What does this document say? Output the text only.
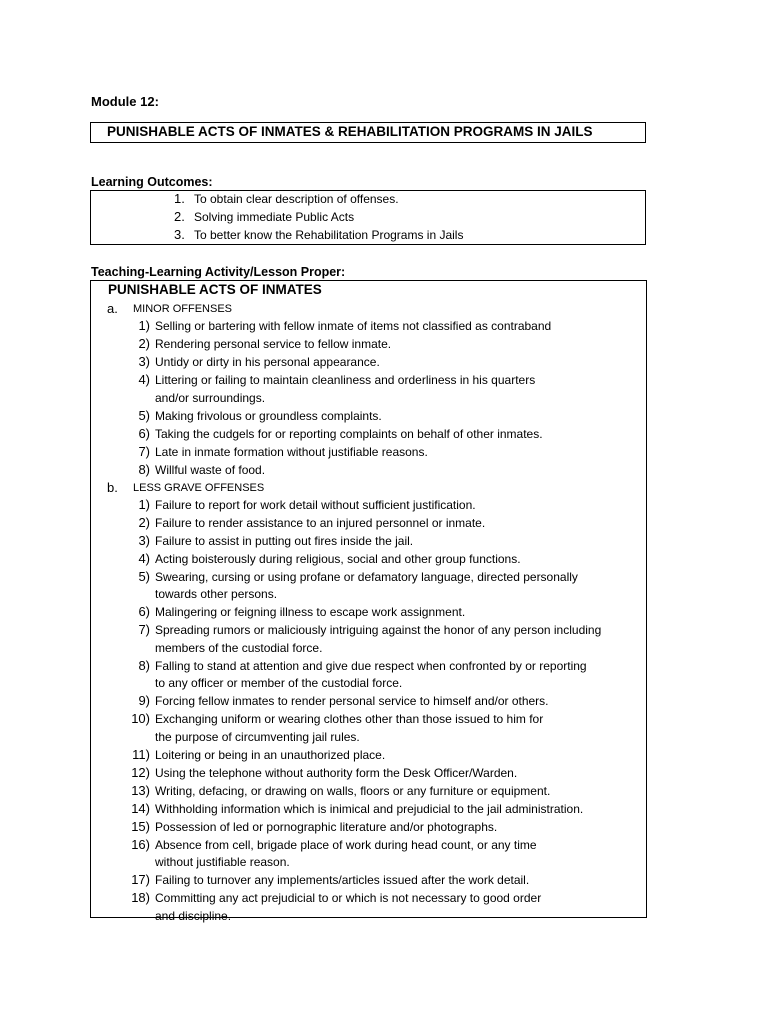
Module 12:
PUNISHABLE ACTS OF INMATES & REHABILITATION PROGRAMS IN JAILS
Learning Outcomes:
1. To obtain clear description of offenses.
2. Solving immediate Public Acts
3. To better know the Rehabilitation Programs in Jails
Teaching-Learning Activity/Lesson Proper:
PUNISHABLE ACTS OF INMATES
a. MINOR OFFENSES
1) Selling or bartering with fellow inmate of items not classified as contraband
2) Rendering personal service to fellow inmate.
3) Untidy or dirty in his personal appearance.
4) Littering or failing to maintain cleanliness and orderliness in his quarters
and/or surroundings.
5) Making frivolous or groundless complaints.
6) Taking the cudgels for or reporting complaints on behalf of other inmates.
7) Late in inmate formation without justifiable reasons.
8) Willful waste of food.
b. LESS GRAVE OFFENSES
1) Failure to report for work detail without sufficient justification.
2) Failure to render assistance to an injured personnel or inmate.
3) Failure to assist in putting out fires inside the jail.
4) Acting boisterously during religious, social and other group functions.
5) Swearing, cursing or using profane or defamatory language, directed personally
towards other persons.
6) Malingering or feigning illness to escape work assignment.
7) Spreading rumors or maliciously intriguing against the honor of any person including
members of the custodial force.
8) Falling to stand at attention and give due respect when confronted by or reporting
to any officer or member of the custodial force.
9) Forcing fellow inmates to render personal service to himself and/or others.
10) Exchanging uniform or wearing clothes other than those issued to him for
the purpose of circumventing jail rules.
11) Loitering or being in an unauthorized place.
12) Using the telephone without authority form the Desk Officer/Warden.
13) Writing, defacing, or drawing on walls, floors or any furniture or equipment.
14) Withholding information which is inimical and prejudicial to the jail administration.
15) Possession of led or pornographic literature and/or photographs.
16) Absence from cell, brigade place of work during head count, or any time
without justifiable reason.
17) Failing to turnover any implements/articles issued after the work detail.
18) Committing any act prejudicial to or which is not necessary to good order
and discipline.
